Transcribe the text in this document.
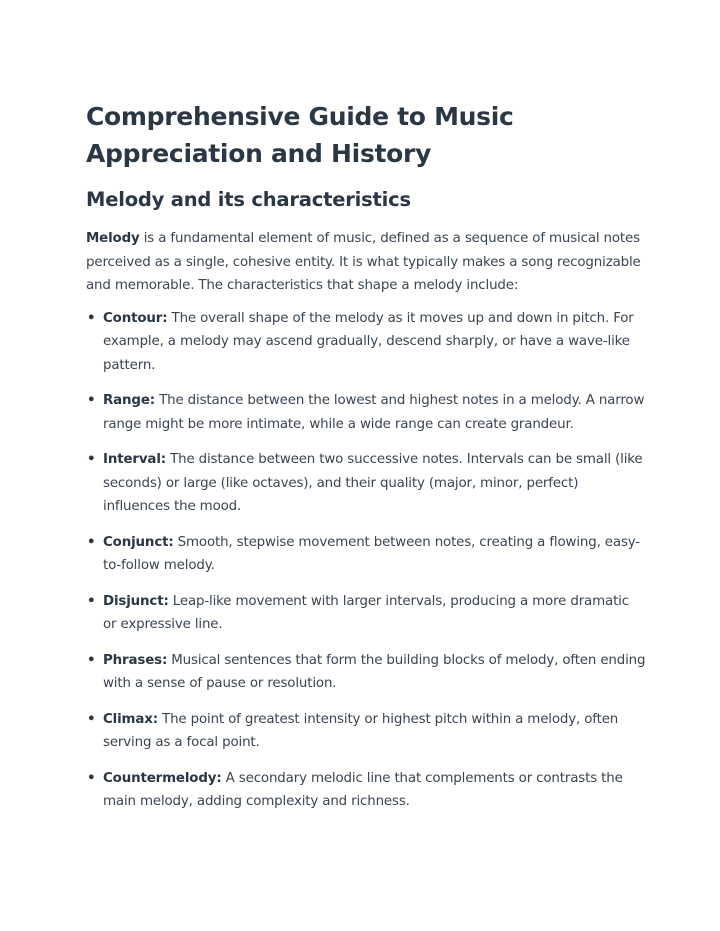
Comprehensive Guide to Music
Appreciation and History
Melody and its characteristics

Melody is a fundamental element of music, defined as a sequence of musical notes perceived as a single, cohesive entity. It is what typically makes a song recognizable and memorable. The characteristics that shape a melody include:

• Contour: The overall shape of the melody as it moves up and down in pitch. For example, a melody may ascend gradually, descend sharply, or have a wave-like pattern.
• Range: The distance between the lowest and highest notes in a melody. A narrow range might be more intimate, while a wide range can create grandeur.
• Interval: The distance between two successive notes. Intervals can be small (like seconds) or large (like octaves), and their quality (major, minor, perfect) influences the mood.
• Conjunct: Smooth, stepwise movement between notes, creating a flowing, easy-to-follow melody.
• Disjunct: Leap-like movement with larger intervals, producing a more dramatic or expressive line.
• Phrases: Musical sentences that form the building blocks of melody, often ending with a sense of pause or resolution.
• Climax: The point of greatest intensity or highest pitch within a melody, often serving as a focal point.
• Countermelody: A secondary melodic line that complements or contrasts the main melody, adding complexity and richness.
